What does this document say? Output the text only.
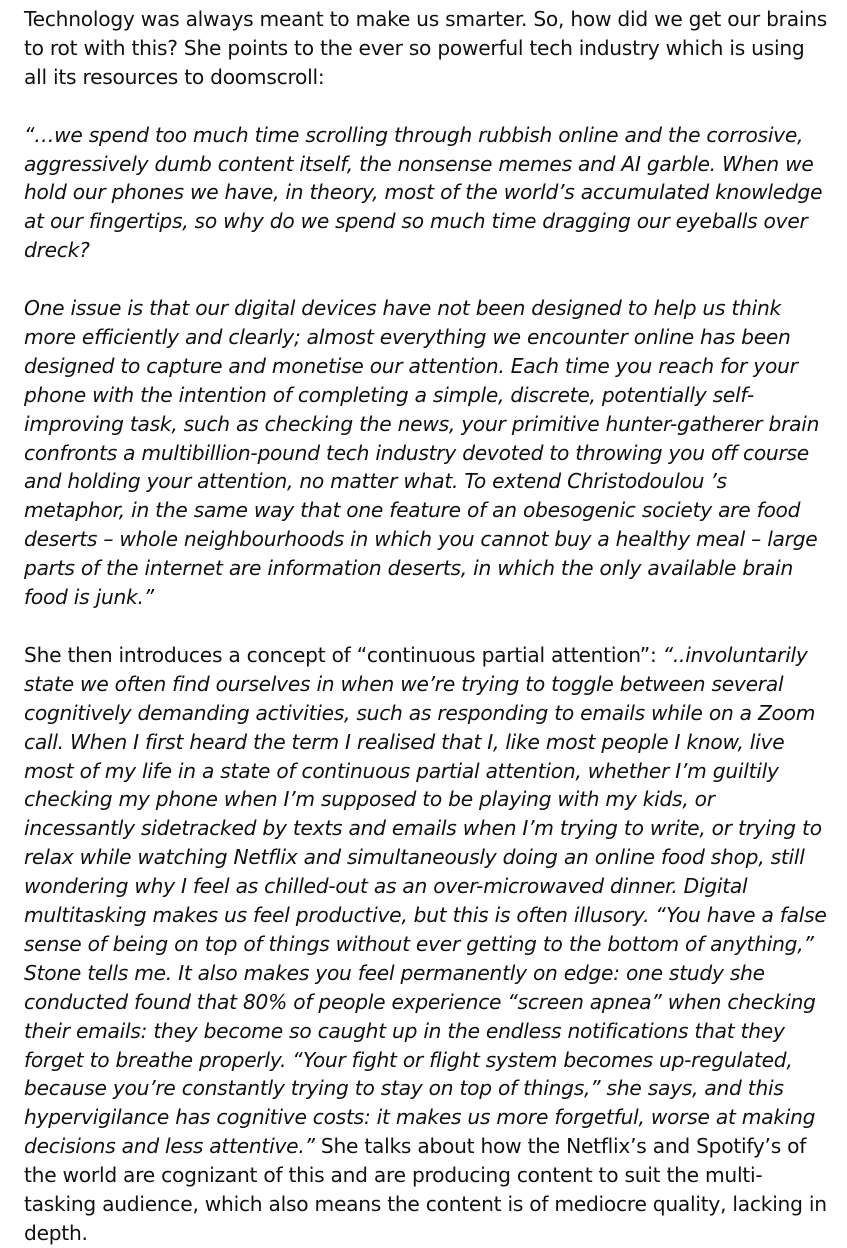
Technology was always meant to make us smarter. So, how did we get our brains to rot with this? She points to the ever so powerful tech industry which is using all its resources to doomscroll:

“…we spend too much time scrolling through rubbish online and the corrosive, aggressively dumb content itself, the nonsense memes and AI garble. When we hold our phones we have, in theory, most of the world’s accumulated knowledge at our fingertips, so why do we spend so much time dragging our eyeballs over dreck?

One issue is that our digital devices have not been designed to help us think more efficiently and clearly; almost everything we encounter online has been designed to capture and monetise our attention. Each time you reach for your phone with the intention of completing a simple, discrete, potentially self-improving task, such as checking the news, your primitive hunter-gatherer brain confronts a multibillion-pound tech industry devoted to throwing you off course and holding your attention, no matter what. To extend Christodoulou ’s metaphor, in the same way that one feature of an obesogenic society are food deserts – whole neighbourhoods in which you cannot buy a healthy meal – large parts of the internet are information deserts, in which the only available brain food is junk.”

She then introduces a concept of “continuous partial attention”: “..involuntarily state we often find ourselves in when we’re trying to toggle between several cognitively demanding activities, such as responding to emails while on a Zoom call. When I first heard the term I realised that I, like most people I know, live most of my life in a state of continuous partial attention, whether I’m guiltily checking my phone when I’m supposed to be playing with my kids, or incessantly sidetracked by texts and emails when I’m trying to write, or trying to relax while watching Netflix and simultaneously doing an online food shop, still wondering why I feel as chilled-out as an over-microwaved dinner. Digital multitasking makes us feel productive, but this is often illusory. “You have a false sense of being on top of things without ever getting to the bottom of anything,” Stone tells me. It also makes you feel permanently on edge: one study she conducted found that 80% of people experience “screen apnea” when checking their emails: they become so caught up in the endless notifications that they forget to breathe properly. “Your fight or flight system becomes up-regulated, because you’re constantly trying to stay on top of things,” she says, and this hypervigilance has cognitive costs: it makes us more forgetful, worse at making decisions and less attentive.” She talks about how the Netflix’s and Spotify’s of the world are cognizant of this and are producing content to suit the multi-tasking audience, which also means the content is of mediocre quality, lacking in depth.
